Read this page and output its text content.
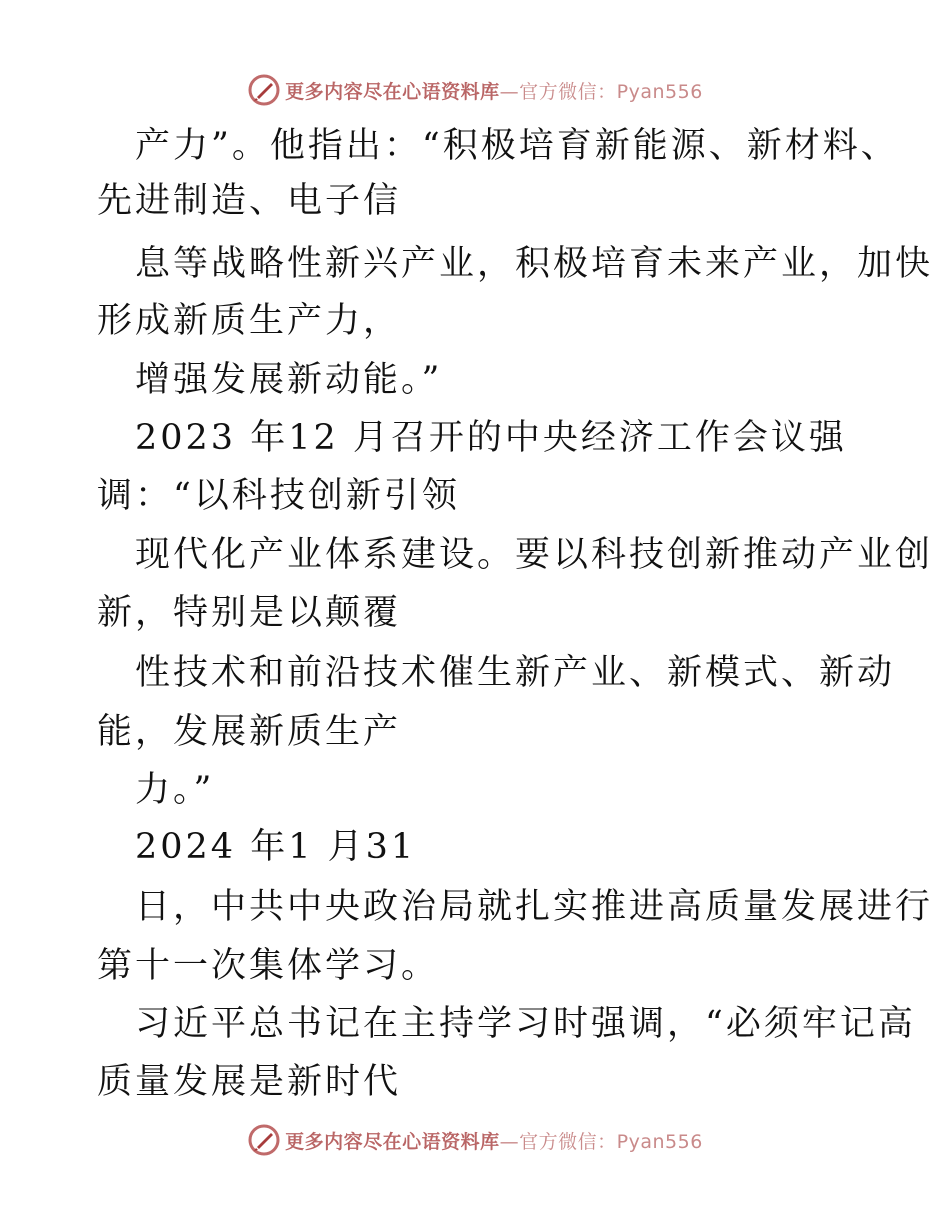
更多内容尽在心语资料库—官方微信：Pyan556
产力”。他指出：“积极培育新能源、新材料、
先进制造、电子信
息等战略性新兴产业，积极培育未来产业，加快
形成新质生产力，
增强发展新动能。”
2023 年12 月召开的中央经济工作会议强
调：“以科技创新引领
现代化产业体系建设。要以科技创新推动产业创
新，特别是以颠覆
性技术和前沿技术催生新产业、新模式、新动
能，发展新质生产
力。”
2024 年1 月31
日，中共中央政治局就扎实推进高质量发展进行
第十一次集体学习。
习近平总书记在主持学习时强调，“必须牢记高
质量发展是新时代
更多内容尽在心语资料库—官方微信：Pyan556
